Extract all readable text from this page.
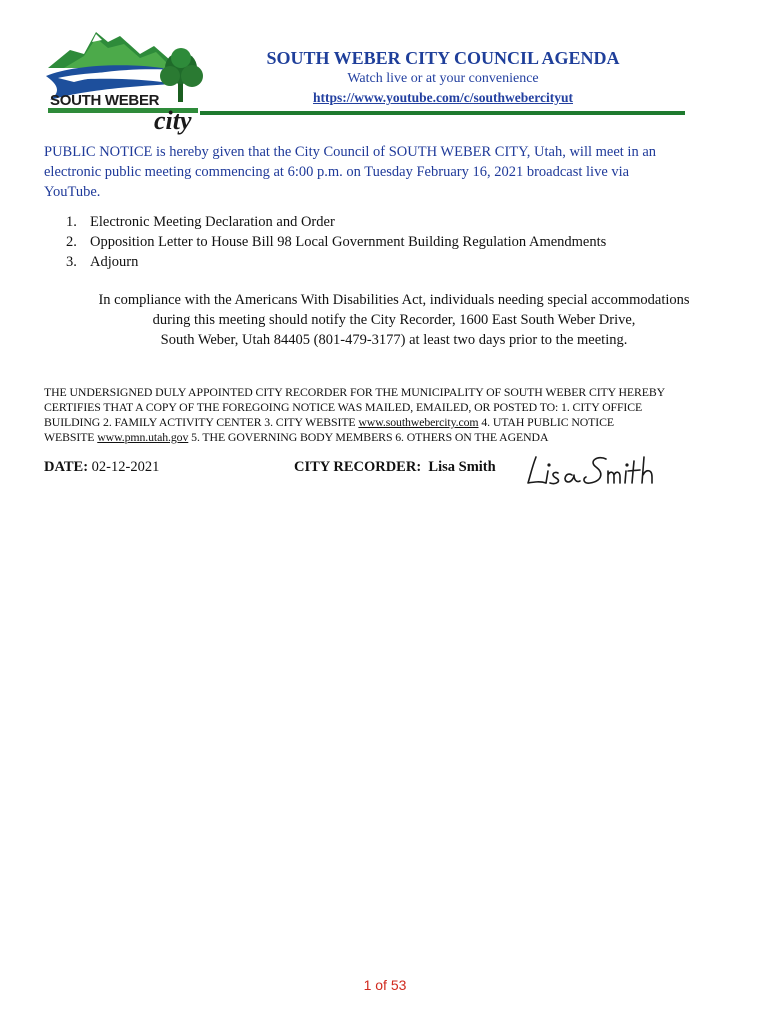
SOUTH WEBER
city
SOUTH WEBER CITY COUNCIL AGENDA
Watch live or at your convenience
https://www.youtube.com/c/southwebercityut
PUBLIC NOTICE is hereby given that the City Council of SOUTH WEBER CITY, Utah, will meet in an
electronic public meeting commencing at 6:00 p.m. on Tuesday February 16, 2021 broadcast live via
YouTube.
1. Electronic Meeting Declaration and Order
2. Opposition Letter to House Bill 98 Local Government Building Regulation Amendments
3. Adjourn
In compliance with the Americans With Disabilities Act, individuals needing special accommodations
during this meeting should notify the City Recorder, 1600 East South Weber Drive,
South Weber, Utah 84405 (801-479-3177) at least two days prior to the meeting.
THE UNDERSIGNED DULY APPOINTED CITY RECORDER FOR THE MUNICIPALITY OF SOUTH WEBER CITY HEREBY
CERTIFIES THAT A COPY OF THE FOREGOING NOTICE WAS MAILED, EMAILED, OR POSTED TO: 1. CITY OFFICE
BUILDING 2. FAMILY ACTIVITY CENTER 3. CITY WEBSITE www.southwebercity.com 4. UTAH PUBLIC NOTICE
WEBSITE www.pmn.utah.gov 5. THE GOVERNING BODY MEMBERS 6. OTHERS ON THE AGENDA
DATE: 02-12-2021	CITY RECORDER: Lisa Smith
1 of 53
